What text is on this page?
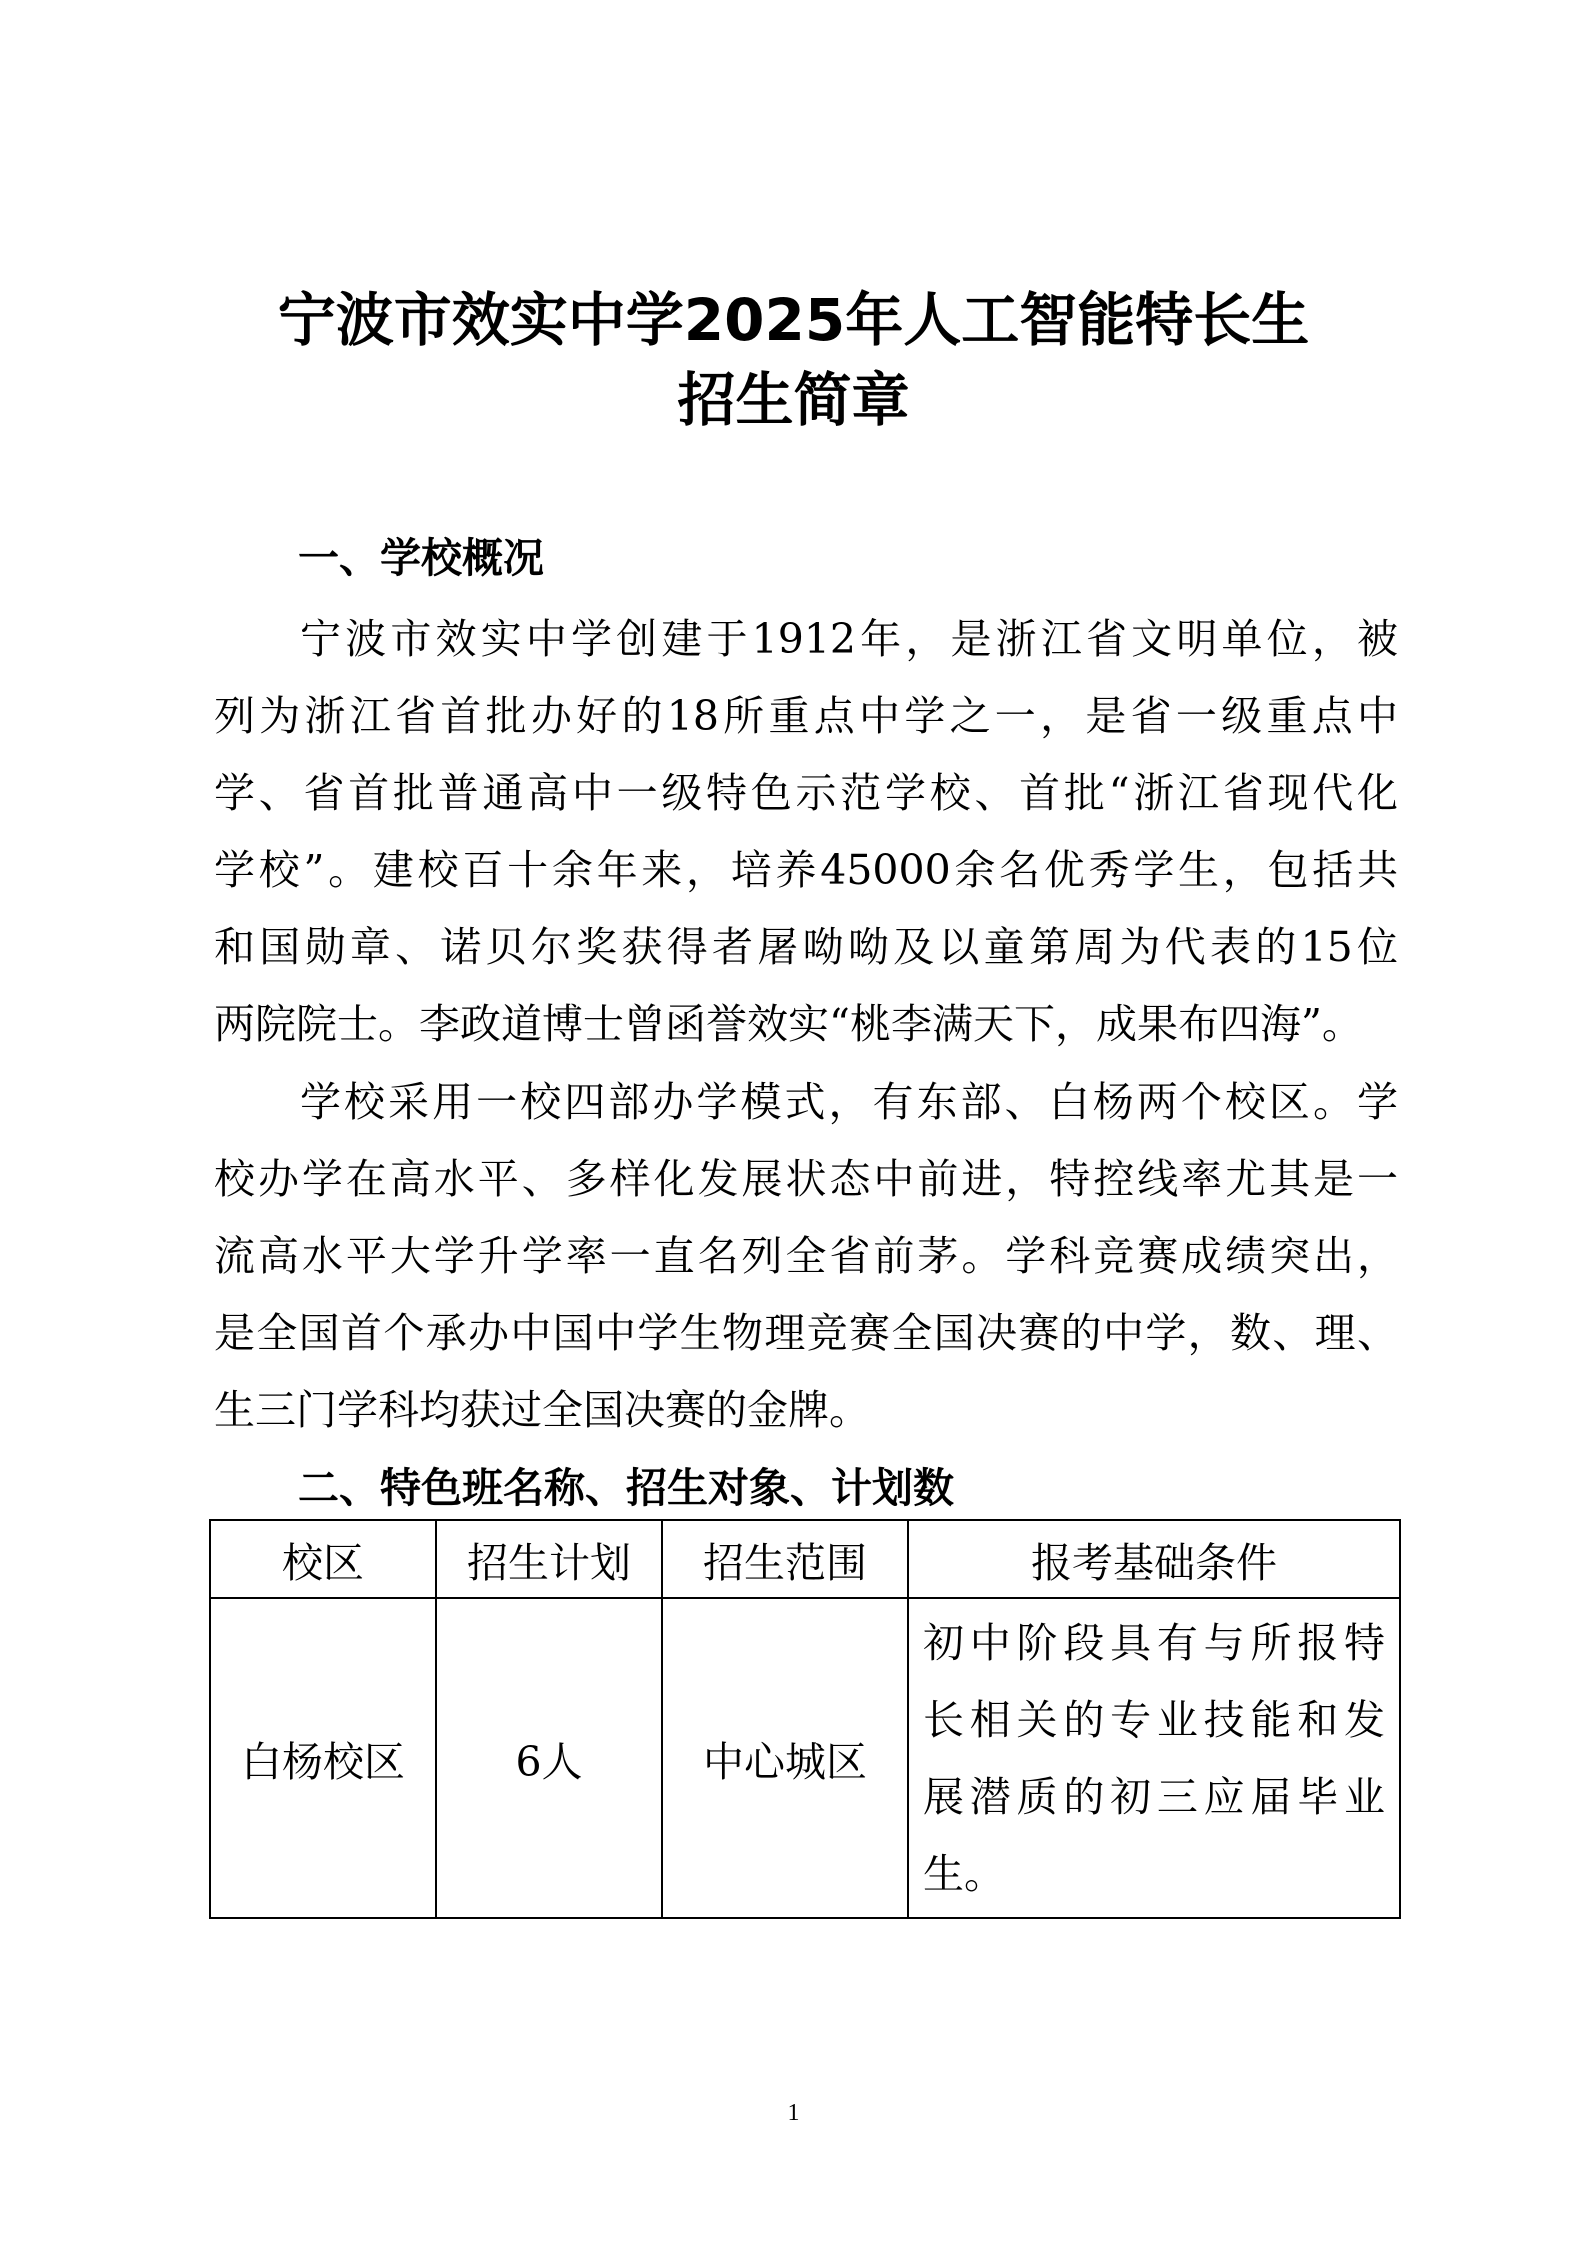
宁波市效实中学2025年人工智能特长生
招生简章
一、学校概况
宁波市效实中学创建于1912年，是浙江省文明单位，被
列为浙江省首批办好的18所重点中学之一，是省一级重点中
学、省首批普通高中一级特色示范学校、首批“浙江省现代化
学校”。建校百十余年来，培养45000余名优秀学生，包括共
和国勋章、诺贝尔奖获得者屠呦呦及以童第周为代表的15位
两院院士。李政道博士曾函誉效实“桃李满天下，成果布四海”。
学校采用一校四部办学模式，有东部、白杨两个校区。学
校办学在高水平、多样化发展状态中前进，特控线率尤其是一
流高水平大学升学率一直名列全省前茅。学科竞赛成绩突出，
是全国首个承办中国中学生物理竞赛全国决赛的中学，数、理、
生三门学科均获过全国决赛的金牌。
二、特色班名称、招生对象、计划数
校区	招生计划	招生范围	报考基础条件
白杨校区	6人	中心城区	初中阶段具有与所报特
长相关的专业技能和发
展潜质的初三应届毕业
生。
1
